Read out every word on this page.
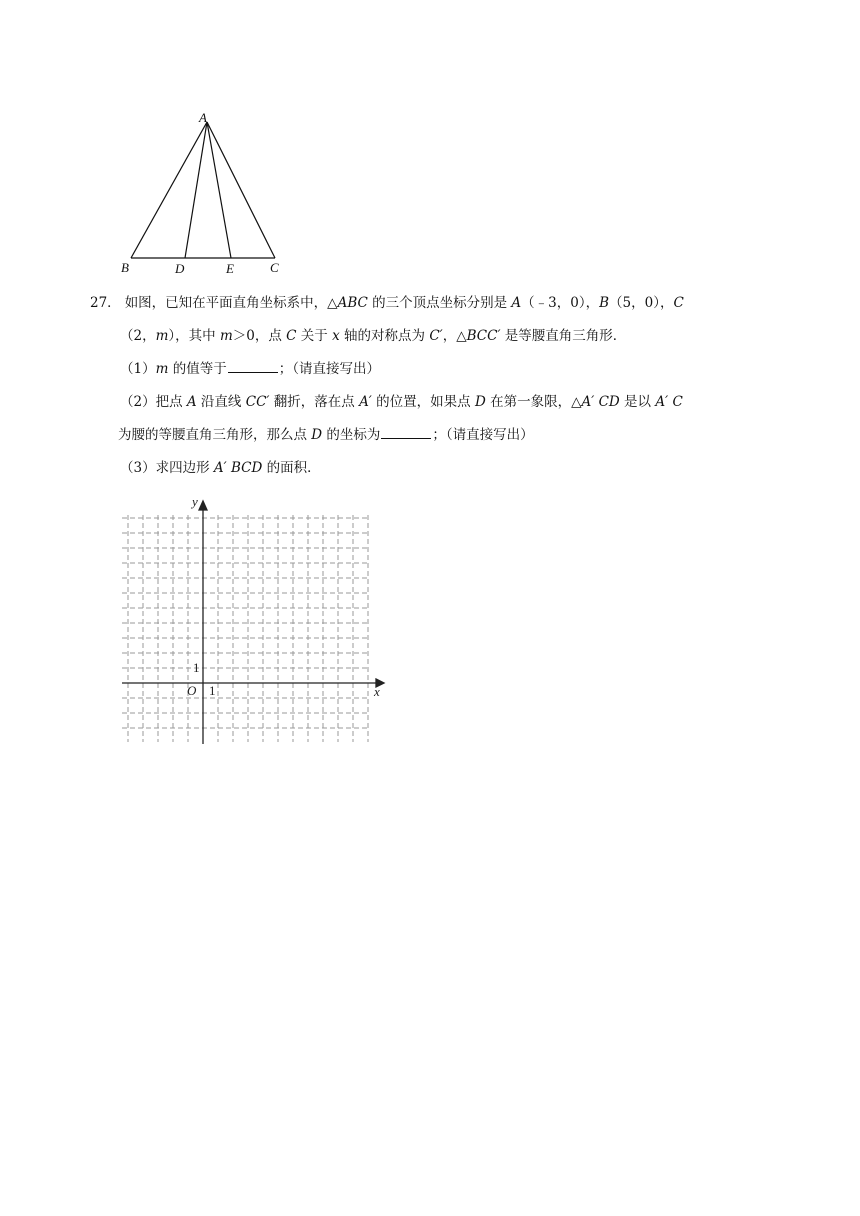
A
B	D	E	C
27． 如图，已知在平面直角坐标系中，△ABC 的三个顶点坐标分别是 A（﹣3，0），B（5，0），C
（2，m），其中 m＞0，点 C 关于 x 轴的对称点为 C′，△BCC′ 是等腰直角三角形．
（1）m 的值等于	；（请直接写出）
（2）把点 A 沿直线 CC′ 翻折，落在点 A′ 的位置，如果点 D 在第一象限，△A′ CD 是以 A′ C
为腰的等腰直角三角形，那么点 D 的坐标为	；（请直接写出）
（3）求四边形 A′ BCD 的面积．
y
x
O
1
1
